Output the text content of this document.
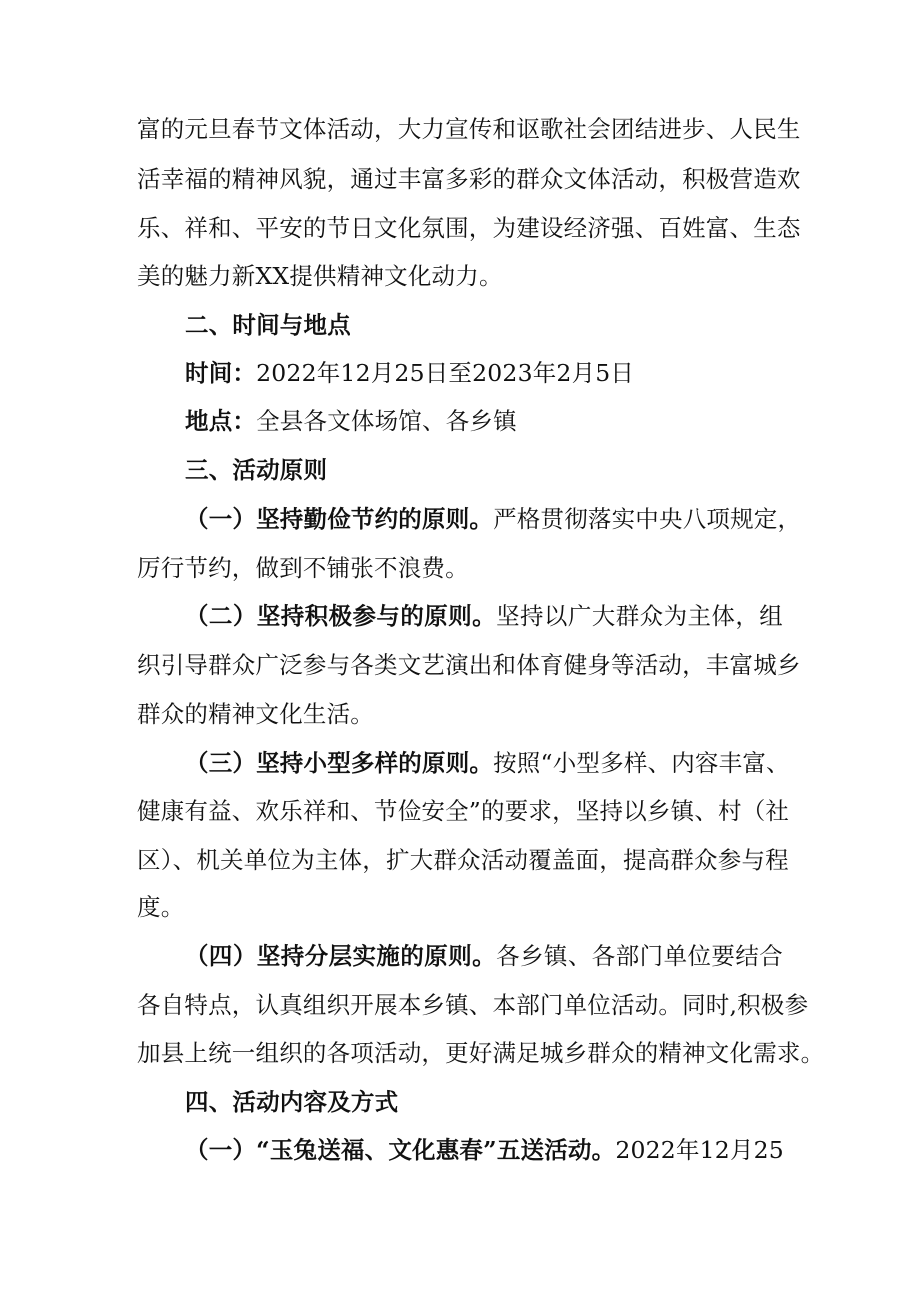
富的元旦春节文体活动，大力宣传和讴歌社会团结进步、人民生
活幸福的精神风貌，通过丰富多彩的群众文体活动，积极营造欢
乐、祥和、平安的节日文化氛围，为建设经济强、百姓富、生态
美的魅力新XX提供精神文化动力。
二、时间与地点
时间：2022年12月25日至2023年2月5日
地点：全县各文体场馆、各乡镇
三、活动原则
（一）坚持勤俭节约的原则。严格贯彻落实中央八项规定，
厉行节约，做到不铺张不浪费。
（二）坚持积极参与的原则。坚持以广大群众为主体，组
织引导群众广泛参与各类文艺演出和体育健身等活动，丰富城乡
群众的精神文化生活。
（三）坚持小型多样的原则。按照“小型多样、内容丰富、
健康有益、欢乐祥和、节俭安全”的要求，坚持以乡镇、村（社
区）、机关单位为主体，扩大群众活动覆盖面，提高群众参与程
度。
（四）坚持分层实施的原则。各乡镇、各部门单位要结合
各自特点，认真组织开展本乡镇、本部门单位活动。同时,积极参
加县上统一组织的各项活动，更好满足城乡群众的精神文化需求。
四、活动内容及方式
（一）“玉兔送福、文化惠春”五送活动。2022年12月25
